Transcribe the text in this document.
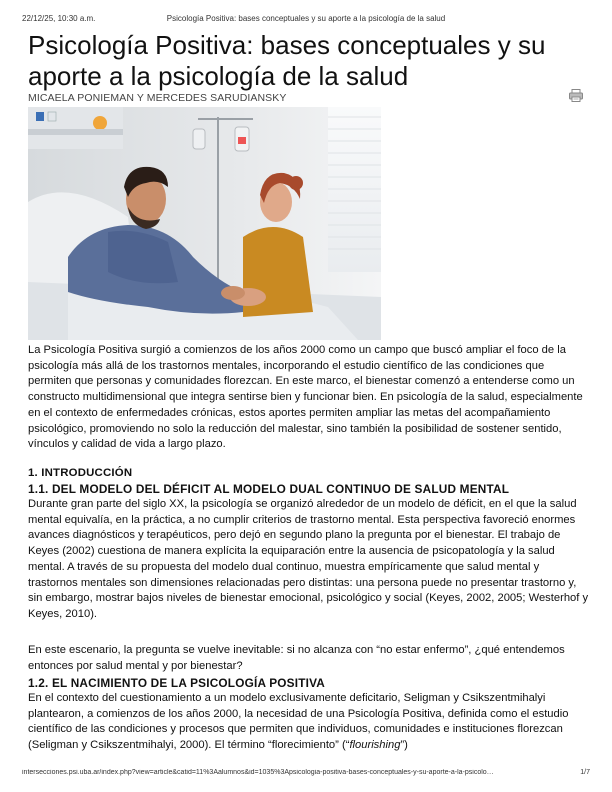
22/12/25, 10:30 a.m.	Psicología Positiva: bases conceptuales y su aporte a la psicología de la salud
Psicología Positiva: bases conceptuales y su aporte a la psicología de la salud
MICAELA PONIEMAN Y MERCEDES SARUDIANSKY

La Psicología Positiva surgió a comienzos de los años 2000 como un campo que buscó ampliar el foco de la psicología más allá de los trastornos mentales, incorporando el estudio científico de las condiciones que permiten que personas y comunidades florezcan. En este marco, el bienestar comenzó a entenderse como un constructo multidimensional que integra sentirse bien y funcionar bien. En psicología de la salud, especialmente en el contexto de enfermedades crónicas, estos aportes permiten ampliar las metas del acompañamiento psicológico, promoviendo no solo la reducción del malestar, sino también la posibilidad de sostener sentido, vínculos y calidad de vida a largo plazo.

1. INTRODUCCIÓN
1.1. DEL MODELO DEL DÉFICIT AL MODELO DUAL CONTINUO DE SALUD MENTAL

Durante gran parte del siglo XX, la psicología se organizó alrededor de un modelo de déficit, en el que la salud mental equivalía, en la práctica, a no cumplir criterios de trastorno mental. Esta perspectiva favoreció enormes avances diagnósticos y terapéuticos, pero dejó en segundo plano la pregunta por el bienestar. El trabajo de Keyes (2002) cuestiona de manera explícita la equiparación entre la ausencia de psicopatología y la salud mental. A través de su propuesta del modelo dual continuo, muestra empíricamente que salud mental y trastornos mentales son dimensiones relacionadas pero distintas: una persona puede no presentar trastorno y, sin embargo, mostrar bajos niveles de bienestar emocional, psicológico y social (Keyes, 2002, 2005; Westerhof y Keyes, 2010).

En este escenario, la pregunta se vuelve inevitable: si no alcanza con “no estar enfermo”, ¿qué entendemos entonces por salud mental y por bienestar?

1.2. EL NACIMIENTO DE LA PSICOLOGÍA POSITIVA

En el contexto del cuestionamiento a un modelo exclusivamente deficitario, Seligman y Csikszentmihalyi plantearon, a comienzos de los años 2000, la necesidad de una Psicología Positiva, definida como el estudio científico de las condiciones y procesos que permiten que individuos, comunidades e instituciones florezcan (Seligman y Csikszentmihalyi, 2000). El término “florecimiento” (“flourishing”)

intersecciones.psi.uba.ar/index.php?view=article&catid=11%3Aalumnos&id=1035%3Apsicologia-positiva-bases-conceptuales-y-su-aporte-a-la-psicolo…	1/7
